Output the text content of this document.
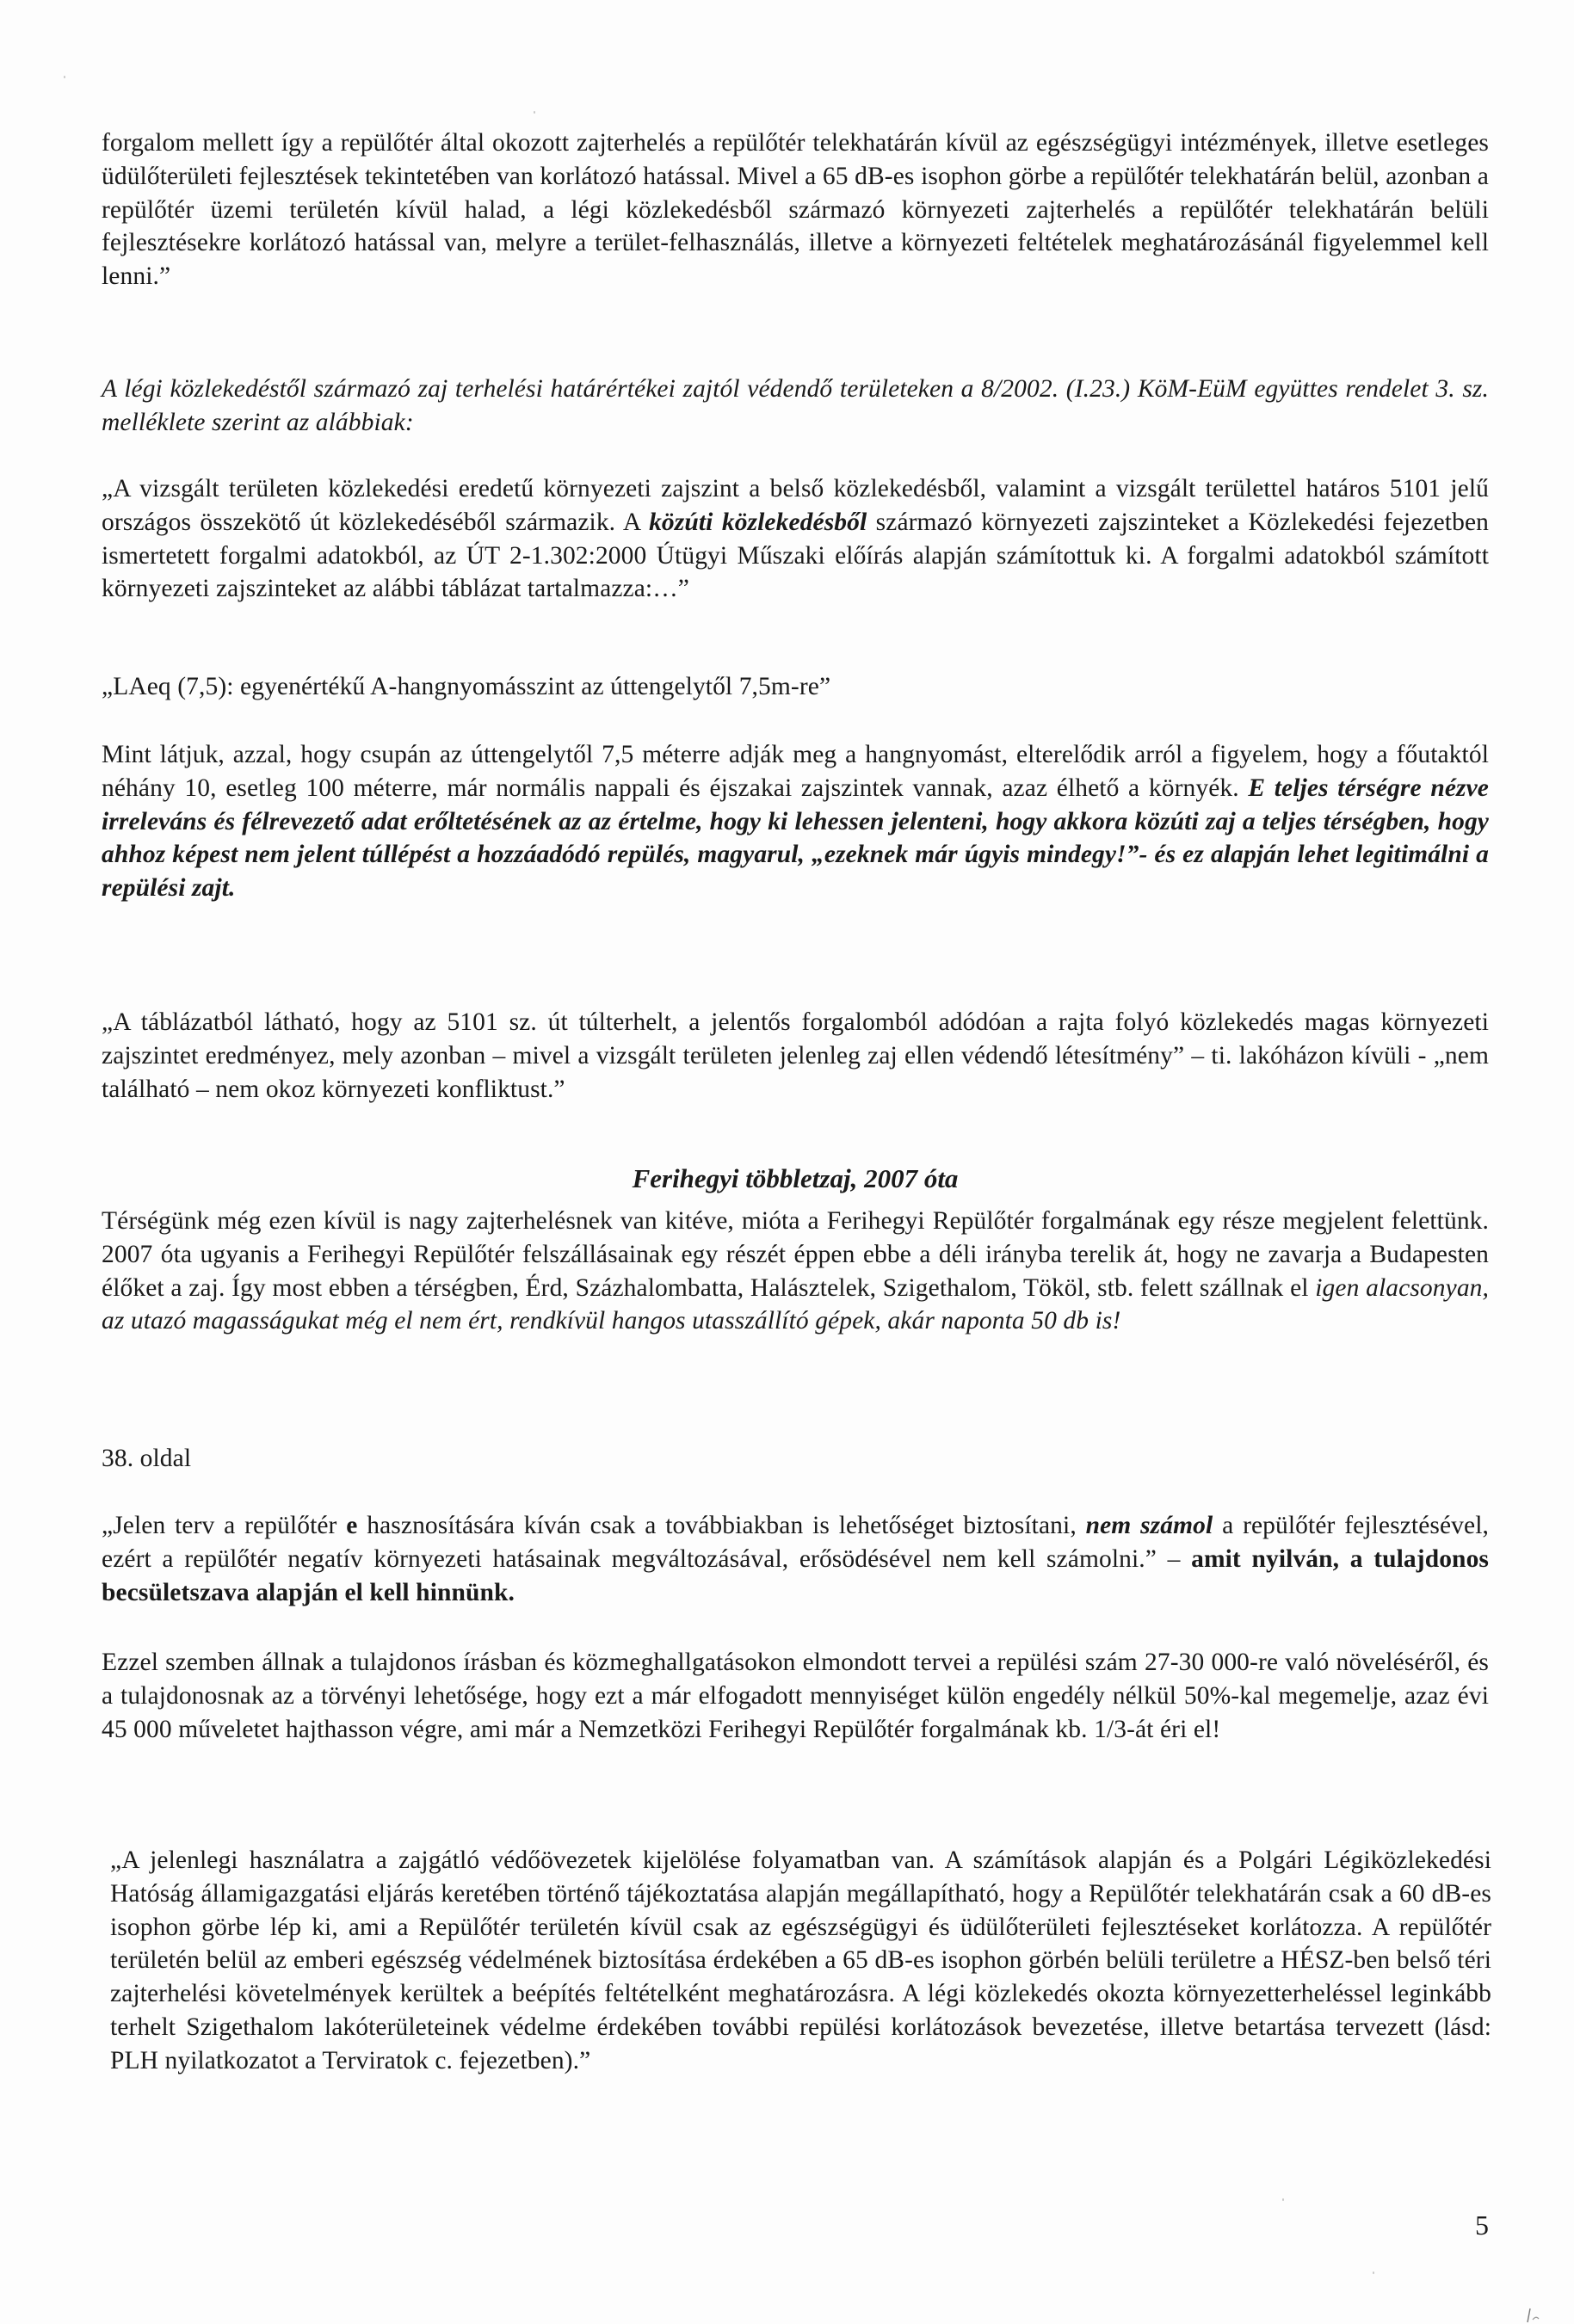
forgalom mellett így a repülőtér által okozott zajterhelés a repülőtér telekhatárán kívül az egészségügyi intézmények, illetve esetleges üdülőterületi fejlesztések tekintetében van korlátozó hatással. Mivel a 65 dB-es isophon görbe a repülőtér telekhatárán belül, azonban a repülőtér üzemi területén kívül halad, a légi közlekedésből származó környezeti zajterhelés a repülőtér telekhatárán belüli fejlesztésekre korlátozó hatással van, melyre a terület-felhasználás, illetve a környezeti feltételek meghatározásánál figyelemmel kell lenni.”

A légi közlekedéstől származó zaj terhelési határértékei zajtól védendő területeken a 8/2002. (I.23.) KöM-EüM együttes rendelet 3. sz. melléklete szerint az alábbiak:

„A vizsgált területen közlekedési eredetű környezeti zajszint a belső közlekedésből, valamint a vizsgált területtel határos 5101 jelű országos összekötő út közlekedéséből származik. A közúti közlekedésből származó környezeti zajszinteket a Közlekedési fejezetben ismertetett forgalmi adatokból, az ÚT 2-1.302:2000 Útügyi Műszaki előírás alapján számítottuk ki. A forgalmi adatokból számított környezeti zajszinteket az alábbi táblázat tartalmazza:…”

„LAeq (7,5): egyenértékű A-hangnyomásszint az úttengelytől 7,5m-re”

Mint látjuk, azzal, hogy csupán az úttengelytől 7,5 méterre adják meg a hangnyomást, elterelődik arról a figyelem, hogy a főutaktól néhány 10, esetleg 100 méterre, már normális nappali és éjszakai zajszintek vannak, azaz élhető a környék. E teljes térségre nézve irreleváns és félrevezető adat erőltetésének az az értelme, hogy ki lehessen jelenteni, hogy akkora közúti zaj a teljes térségben, hogy ahhoz képest nem jelent túllépést a hozzáadódó repülés, magyarul, „ezeknek már úgyis mindegy!”- és ez alapján lehet legitimálni a repülési zajt.

„A táblázatból látható, hogy az 5101 sz. út túlterhelt, a jelentős forgalomból adódóan a rajta folyó közlekedés magas környezeti zajszintet eredményez, mely azonban – mivel a vizsgált területen jelenleg zaj ellen védendő létesítmény” – ti. lakóházon kívüli - „nem található – nem okoz környezeti konfliktust.”

Ferihegyi többletzaj, 2007 óta

Térségünk még ezen kívül is nagy zajterhelésnek van kitéve, mióta a Ferihegyi Repülőtér forgalmának egy része megjelent felettünk. 2007 óta ugyanis a Ferihegyi Repülőtér felszállásainak egy részét éppen ebbe a déli irányba terelik át, hogy ne zavarja a Budapesten élőket a zaj. Így most ebben a térségben, Érd, Százhalombatta, Halásztelek, Szigethalom, Tököl, stb. felett szállnak el igen alacsonyan, az utazó magasságukat még el nem ért, rendkívül hangos utasszállító gépek, akár naponta 50 db is!

38. oldal

„Jelen terv a repülőtér e hasznosítására kíván csak a továbbiakban is lehetőséget biztosítani, nem számol a repülőtér fejlesztésével, ezért a repülőtér negatív környezeti hatásainak megváltozásával, erősödésével nem kell számolni.” – amit nyilván, a tulajdonos becsületszava alapján el kell hinnünk.

Ezzel szemben állnak a tulajdonos írásban és közmeghallgatásokon elmondott tervei a repülési szám 27-30 000-re való növeléséről, és a tulajdonosnak az a törvényi lehetősége, hogy ezt a már elfogadott mennyiséget külön engedély nélkül 50%-kal megemelje, azaz évi 45 000 műveletet hajthasson végre, ami már a Nemzetközi Ferihegyi Repülőtér forgalmának kb. 1/3-át éri el!

„A jelenlegi használatra a zajgátló védőövezetek kijelölése folyamatban van. A számítások alapján és a Polgári Légiközlekedési Hatóság államigazgatási eljárás keretében történő tájékoztatása alapján megállapítható, hogy a Repülőtér telekhatárán csak a 60 dB-es isophon görbe lép ki, ami a Repülőtér területén kívül csak az egészségügyi és üdülőterületi fejlesztéseket korlátozza. A repülőtér területén belül az emberi egészség védelmének biztosítása érdekében a 65 dB-es isophon görbén belüli területre a HÉSZ-ben belső téri zajterhelési követelmények kerültek a beépítés feltételként meghatározásra. A légi közlekedés okozta környezetterheléssel leginkább terhelt Szigethalom lakóterületeinek védelme érdekében további repülési korlátozások bevezetése, illetve betartása tervezett (lásd: PLH nyilatkozatot a Terviratok c. fejezetben).”

5
